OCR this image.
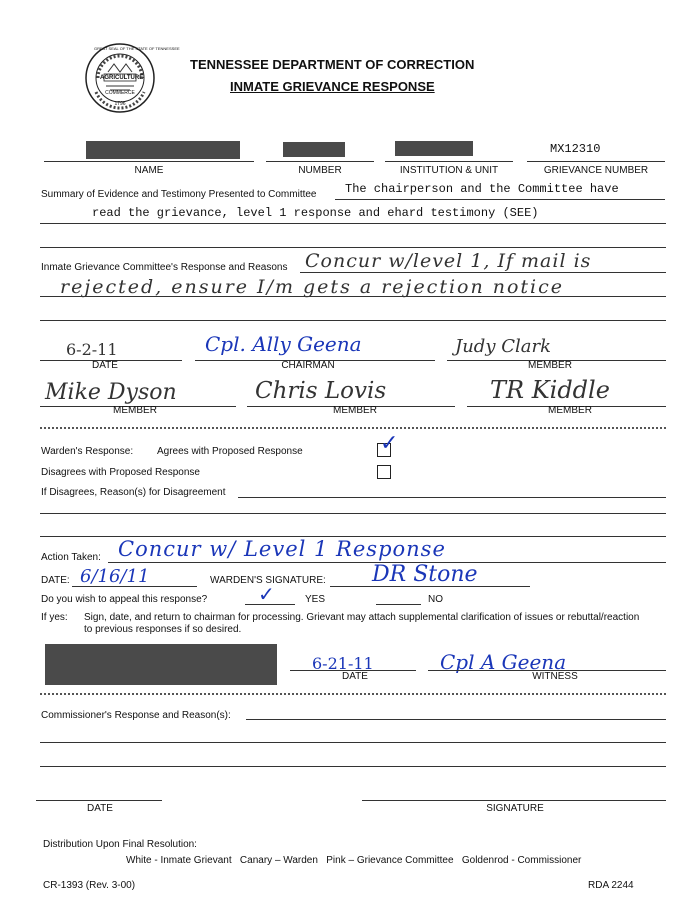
AGRICULTURE
COMMERCE
1796
GREAT SEAL OF THE STATE OF TENNESSEE
TENNESSEE DEPARTMENT OF CORRECTION
INMATE GRIEVANCE RESPONSE
MX12310
NAME	NUMBER	INSTITUTION & UNIT	GRIEVANCE NUMBER
Summary of Evidence and Testimony Presented to Committee The chairperson and the Committee have
read the grievance, level 1 response and ehard testimony (SEE)
Inmate Grievance Committee's Response and Reasons Concur w/level 1, If mail is
rejected, ensure I/m gets a rejection notice
6-2-11
DATE
Cpl. Ally Geena
CHAIRMAN
Judy Clark
MEMBER
Mike Dyson
MEMBER
Chris Lovis
MEMBER
TR Kiddle
MEMBER
Warden's Response: Agrees with Proposed Response	✓
Disagrees with Proposed Response
If Disagrees, Reason(s) for Disagreement
Action Taken: Concur w/ Level 1 Response
DATE: 6/16/11	WARDEN'S SIGNATURE: DR Stone
Do you wish to appeal this response?	✓	YES	NO
If yes: Sign, date, and return to chairman for processing. Grievant may attach supplemental clarification of issues or rebuttal/reaction
to previous responses if so desired.
6-21-11
DATE
Cpl A Geena
WITNESS
Commissioner's Response and Reason(s):
DATE	SIGNATURE
Distribution Upon Final Resolution:
White - Inmate Grievant   Canary – Warden   Pink – Grievance Committee   Goldenrod - Commissioner
CR-1393 (Rev. 3-00)	RDA 2244
